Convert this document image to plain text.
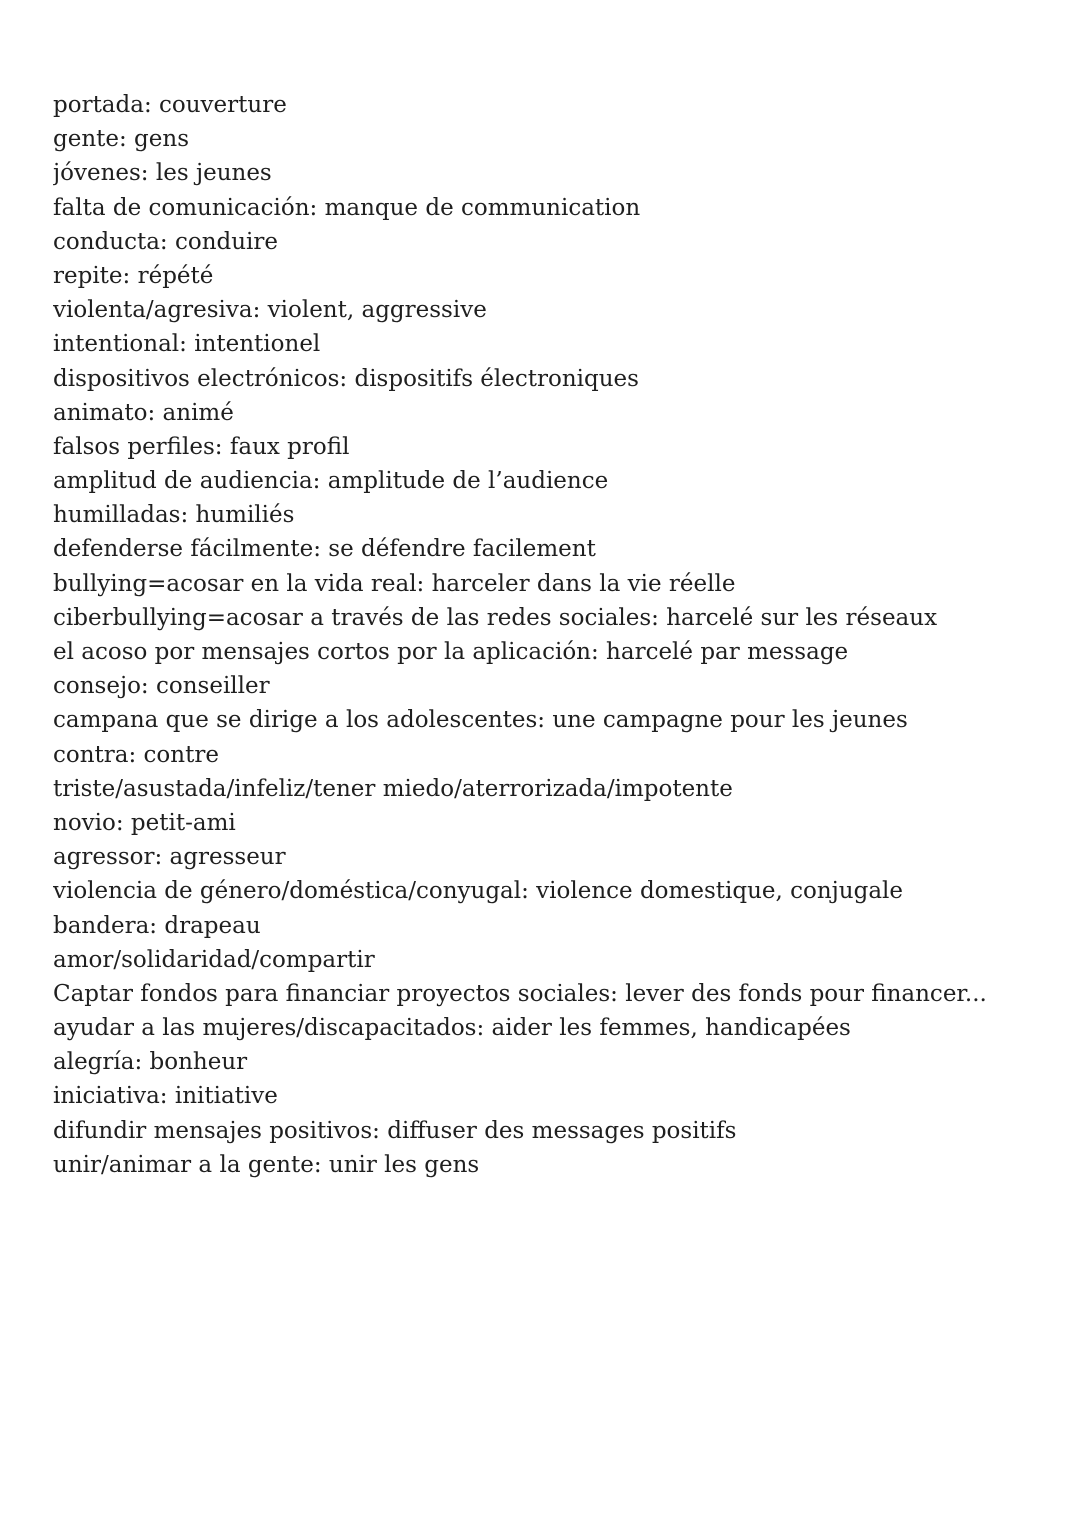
portada: couverture
gente: gens
jóvenes: les jeunes
falta de comunicación: manque de communication
conducta: conduire
repite: répété
violenta/agresiva: violent, aggressive
intentional: intentionel
dispositivos electrónicos: dispositifs électroniques
animato: animé
falsos perfiles: faux profil
amplitud de audiencia: amplitude de l’audience
humilladas: humiliés
defenderse fácilmente: se défendre facilement
bullying=acosar en la vida real: harceler dans la vie réelle
ciberbullying=acosar a través de las redes sociales: harcelé sur les réseaux
el acoso por mensajes cortos por la aplicación: harcelé par message
consejo: conseiller
campana que se dirige a los adolescentes: une campagne pour les jeunes
contra: contre
triste/asustada/infeliz/tener miedo/aterrorizada/impotente
novio: petit-ami
agressor: agresseur
violencia de género/doméstica/conyugal: violence domestique, conjugale
bandera: drapeau
amor/solidaridad/compartir
Captar fondos para financiar proyectos sociales: lever des fonds pour financer...
ayudar a las mujeres/discapacitados: aider les femmes, handicapées
alegría: bonheur
iniciativa: initiative
difundir mensajes positivos: diffuser des messages positifs
unir/animar a la gente: unir les gens
